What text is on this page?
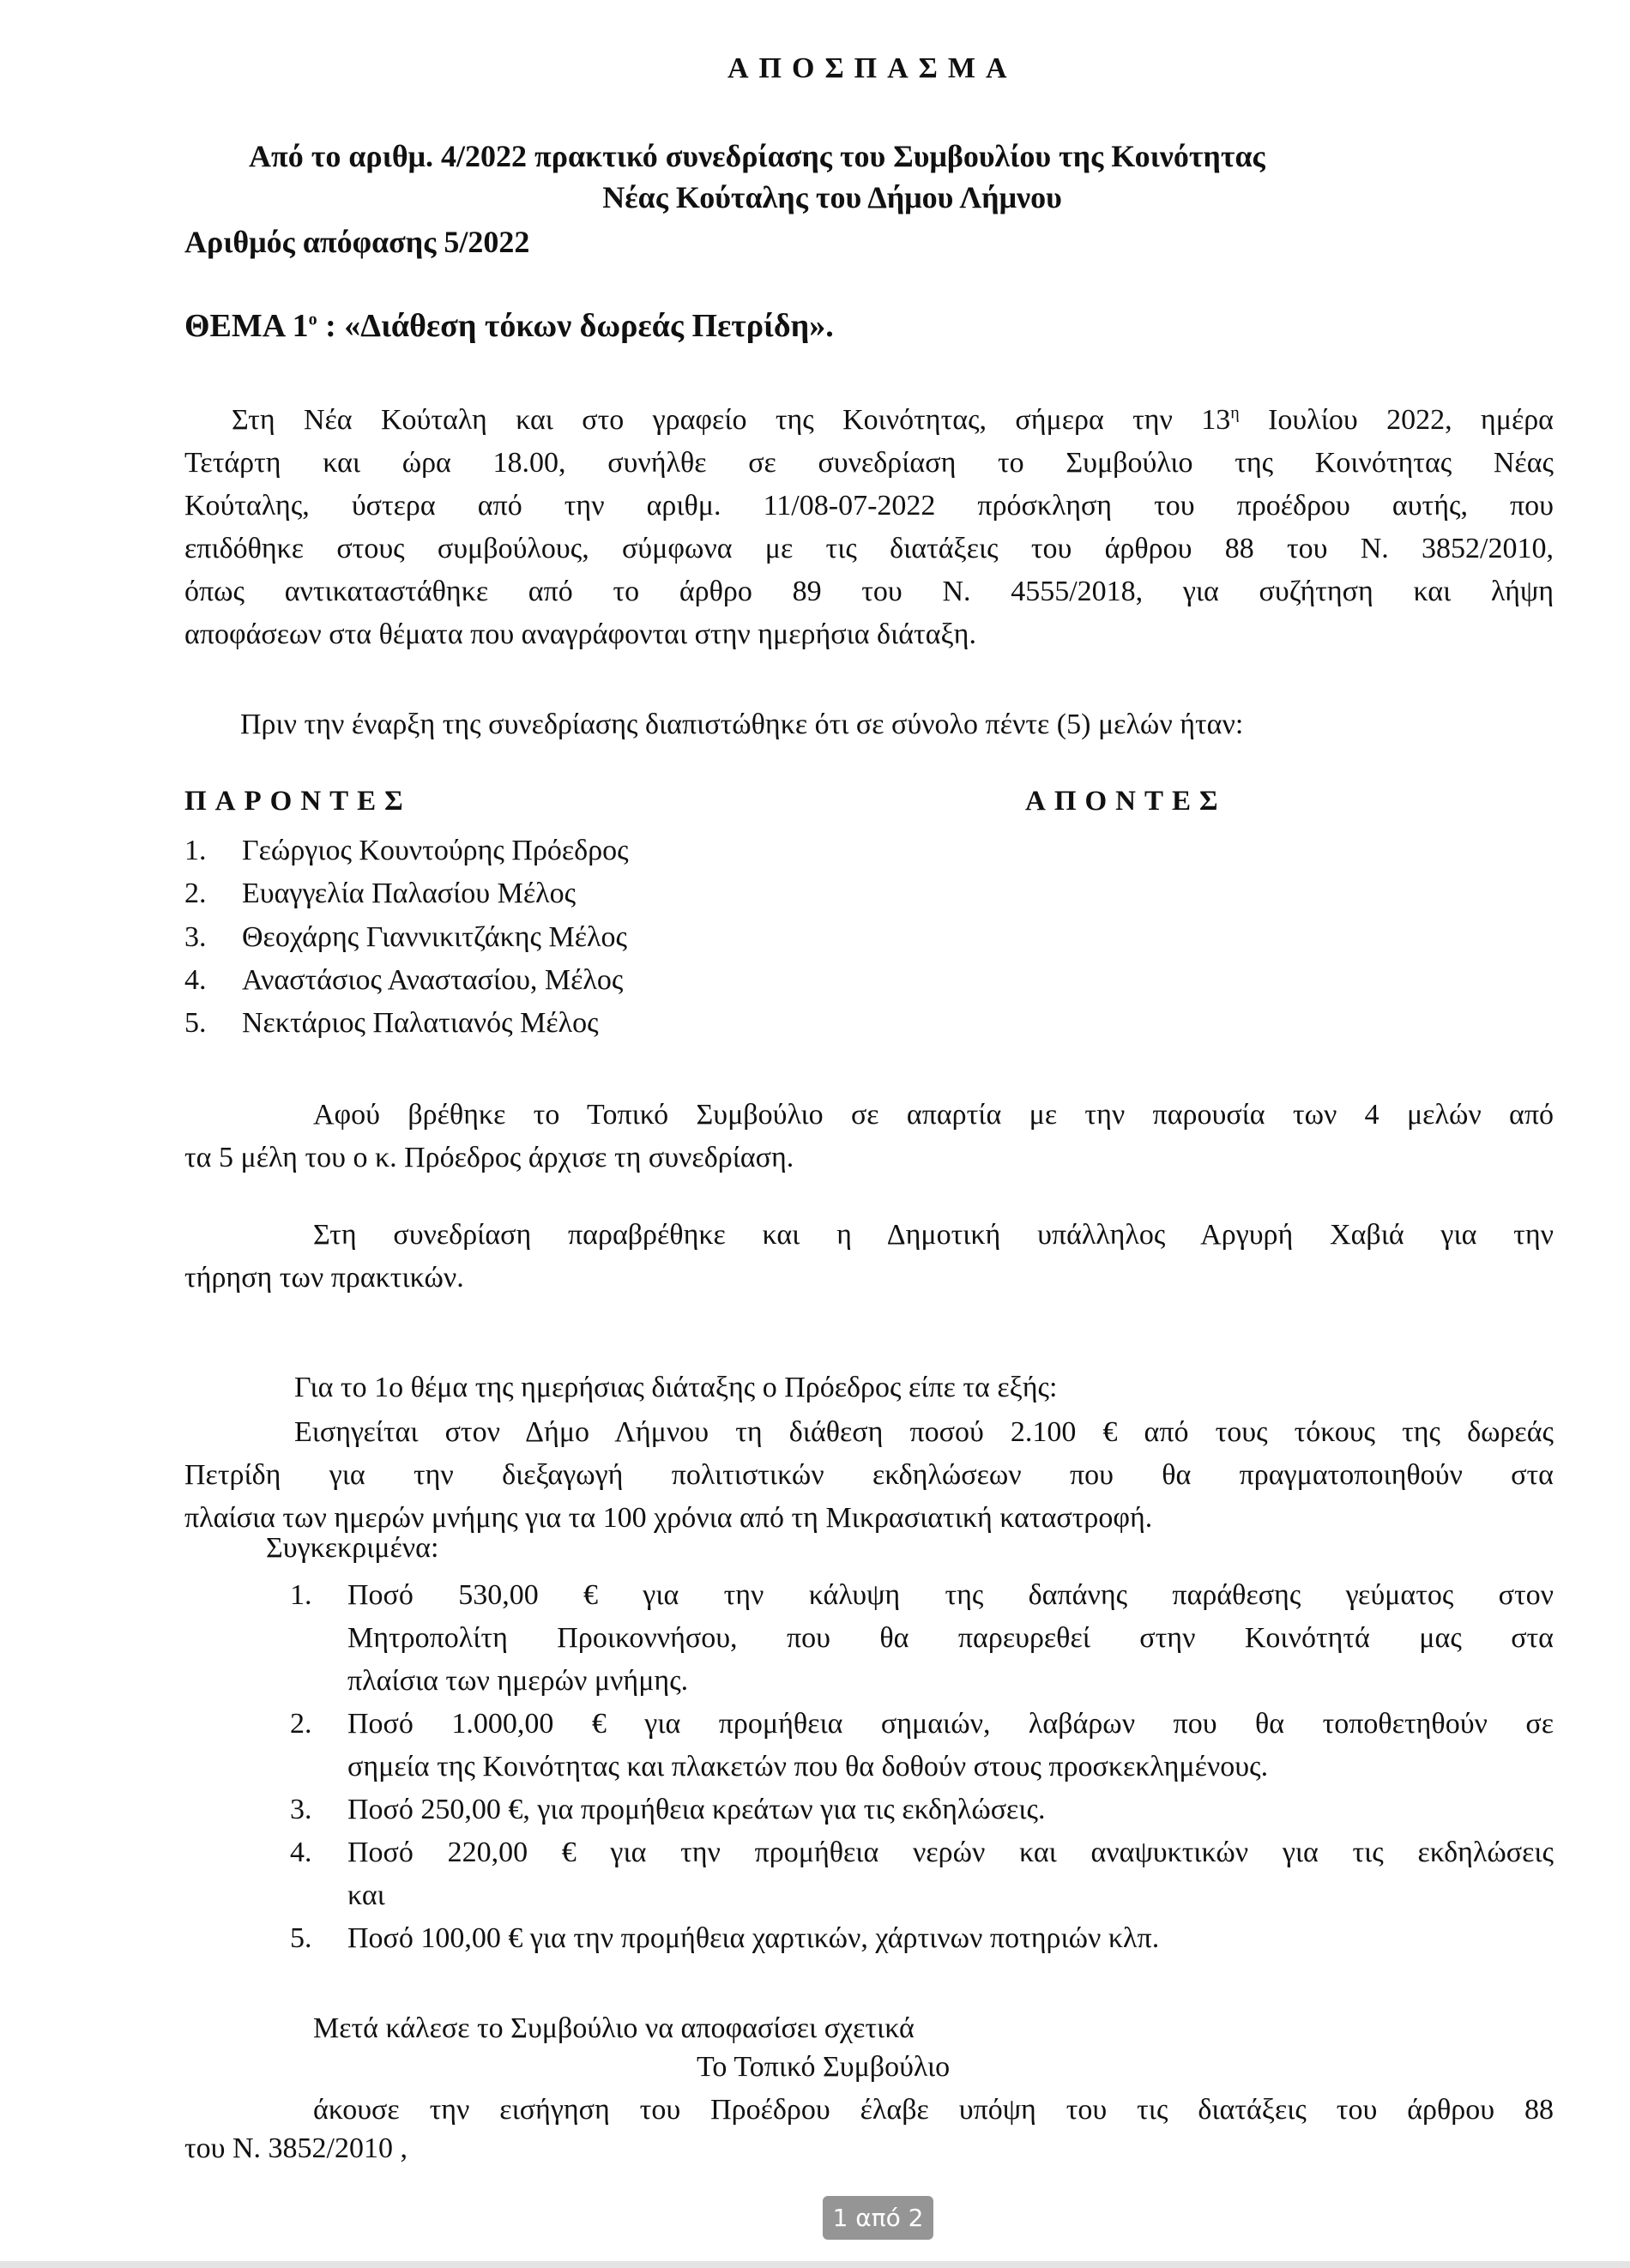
ΑΠΟΣΠΑΣΜΑ
Από το αριθμ. 4/2022 πρακτικό συνεδρίασης του Συμβουλίου της Κοινότητας
Νέας Κούταλης του Δήμου Λήμνου
Αριθμός απόφασης 5/2022
ΘΕΜΑ $1^o$ : «Διάθεση τόκων δωρεάς Πετρίδη».
Στη Νέα Κούταλη και στο γραφείο της Κοινότητας, σήμερα την $13^\eta$ Ιουλίου 2022, ημέρα
Τετάρτη και ώρα 18.00, συνήλθε σε συνεδρίαση το Συμβούλιο της Κοινότητας Νέας
Κούταλης, ύστερα από την αριθμ. 11/08-07-2022 πρόσκληση του προέδρου αυτής, που
επιδόθηκε στους συμβούλους, σύμφωνα με τις διατάξεις του άρθρου 88 του Ν. 3852/2010,
όπως αντικαταστάθηκε από το άρθρο 89 του Ν. 4555/2018, για συζήτηση και λήψη
αποφάσεων στα θέματα που αναγράφονται στην ημερήσια διάταξη.
Πριν την έναρξη της συνεδρίασης διαπιστώθηκε ότι σε σύνολο πέντε (5) μελών ήταν:
ΠΑΡΟΝΤΕΣ	ΑΠΟΝΤΕΣ
1. Γεώργιος Κουντούρης Πρόεδρος
2. Ευαγγελία Παλασίου Μέλος
3. Θεοχάρης Γιαννικιτζάκης Μέλος
4. Αναστάσιος Αναστασίου, Μέλος
5. Νεκτάριος Παλατιανός Μέλος
Αφού βρέθηκε το Τοπικό Συμβούλιο σε απαρτία με την παρουσία των 4 μελών από
τα 5 μέλη του ο κ. Πρόεδρος άρχισε τη συνεδρίαση.
Στη συνεδρίαση παραβρέθηκε και η Δημοτική υπάλληλος Αργυρή Χαβιά για την
τήρηση των πρακτικών.
Για το 1ο θέμα της ημερήσιας διάταξης ο Πρόεδρος είπε τα εξής:
Εισηγείται στον Δήμο Λήμνου τη διάθεση ποσού 2.100 € από τους τόκους της δωρεάς
Πετρίδη για την διεξαγωγή πολιτιστικών εκδηλώσεων που θα πραγματοποιηθούν στα
πλαίσια των ημερών μνήμης για τα 100 χρόνια από τη Μικρασιατική καταστροφή.
Συγκεκριμένα:
1. Ποσό 530,00 € για την κάλυψη της δαπάνης παράθεσης γεύματος στον
Μητροπολίτη Προικοννήσου, που θα παρευρεθεί στην Κοινότητά μας στα
πλαίσια των ημερών μνήμης.
2. Ποσό 1.000,00 € για προμήθεια σημαιών, λαβάρων που θα τοποθετηθούν σε
σημεία της Κοινότητας και πλακετών που θα δοθούν στους προσκεκλημένους.
3. Ποσό 250,00 €, για προμήθεια κρεάτων για τις εκδηλώσεις.
4. Ποσό 220,00 € για την προμήθεια νερών και αναψυκτικών για τις εκδηλώσεις
και
5. Ποσό 100,00 € για την προμήθεια χαρτικών, χάρτινων ποτηριών κλπ.
Μετά κάλεσε το Συμβούλιο να αποφασίσει σχετικά
Το Τοπικό Συμβούλιο
άκουσε την εισήγηση του Προέδρου έλαβε υπόψη του τις διατάξεις του άρθρου 88
του Ν. 3852/2010 ,
1 από 2
